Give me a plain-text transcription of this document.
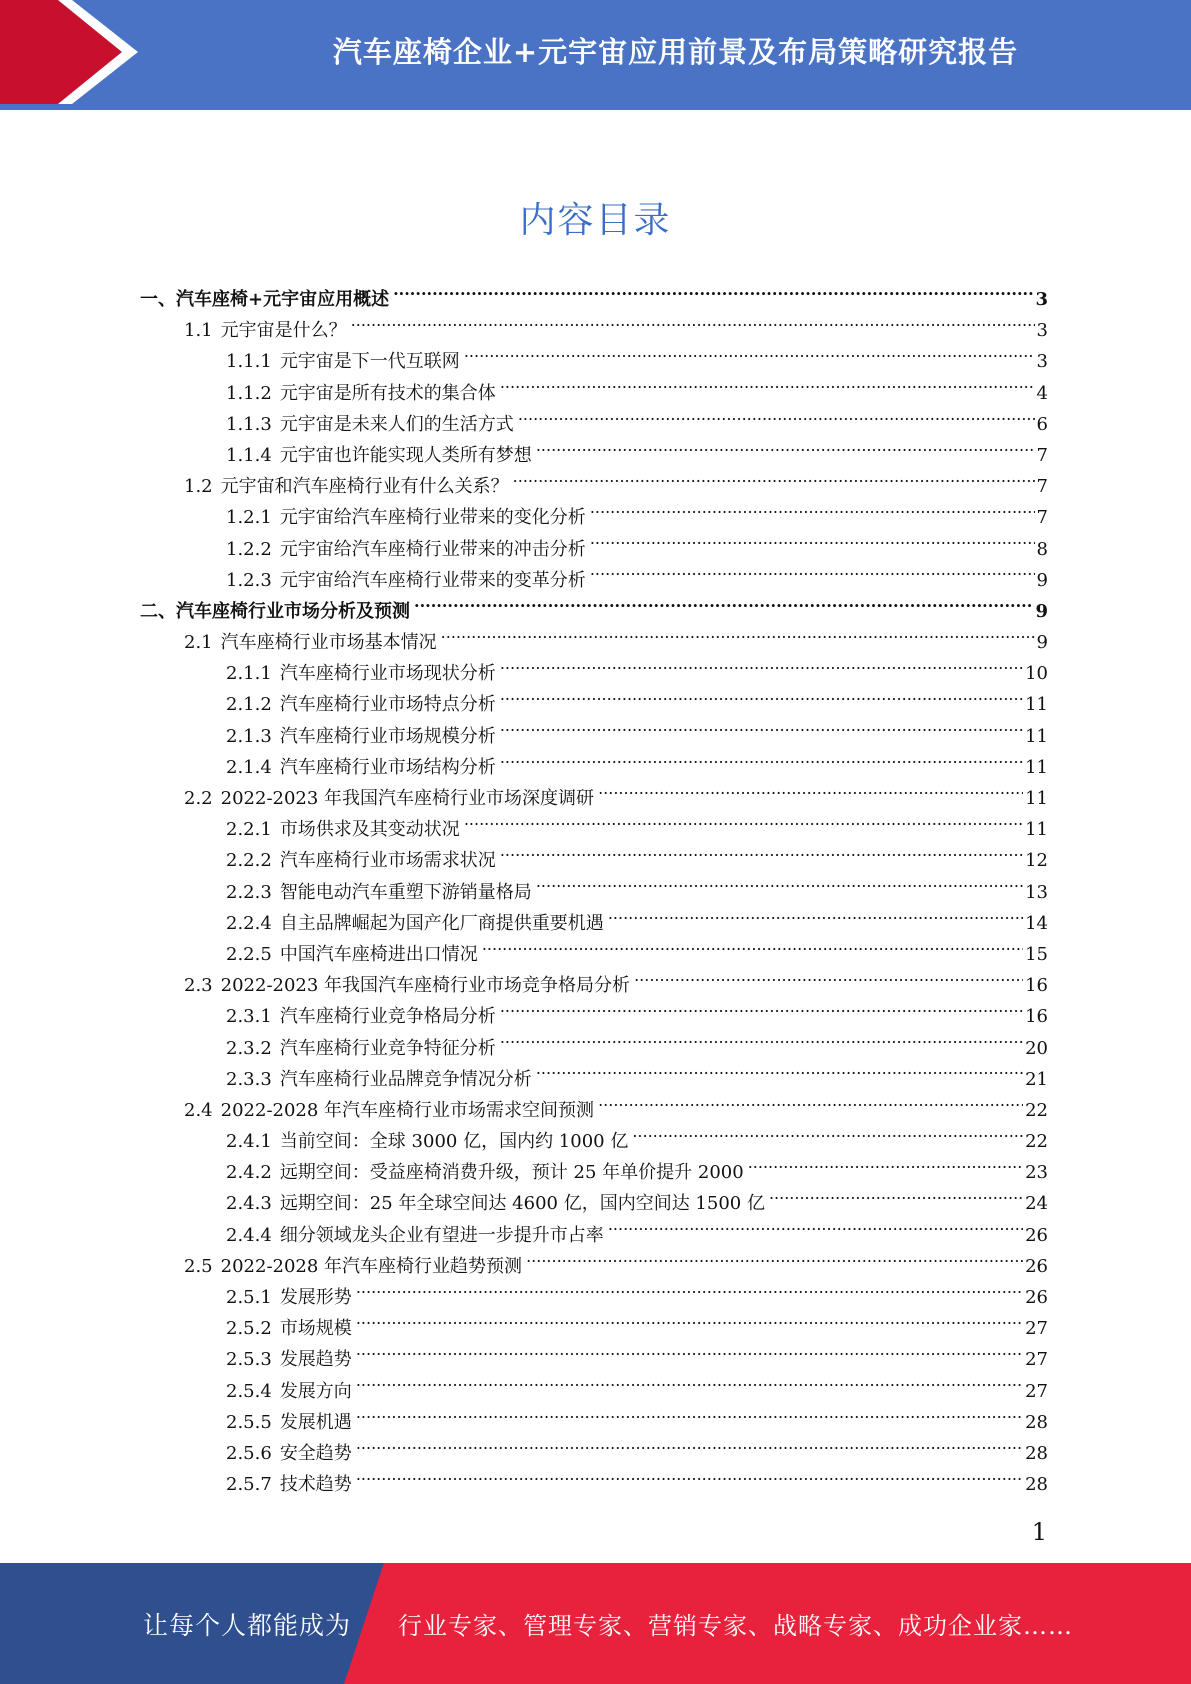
汽车座椅企业+元宇宙应用前景及布局策略研究报告
内容目录
一、 汽车座椅+元宇宙应用概述 .....	3
1.1 元宇宙是什么？ .....	3
1.1.1 元宇宙是下一代互联网 .....	3
1.1.2 元宇宙是所有技术的集合体 .....	4
1.1.3 元宇宙是未来人们的生活方式 .....	6
1.1.4 元宇宙也许能实现人类所有梦想 .....	7
1.2 元宇宙和汽车座椅行业有什么关系？ .....	7
1.2.1 元宇宙给汽车座椅行业带来的变化分析 .....	7
1.2.2 元宇宙给汽车座椅行业带来的冲击分析 .....	8
1.2.3 元宇宙给汽车座椅行业带来的变革分析 .....	9
二、 汽车座椅行业市场分析及预测 .....	9
2.1 汽车座椅行业市场基本情况 .....	9
2.1.1 汽车座椅行业市场现状分析 .....	10
2.1.2 汽车座椅行业市场特点分析 .....	11
2.1.3 汽车座椅行业市场规模分析 .....	11
2.1.4 汽车座椅行业市场结构分析 .....	11
2.2 2022-2023 年我国汽车座椅行业市场深度调研 .....	11
2.2.1 市场供求及其变动状况 .....	11
2.2.2 汽车座椅行业市场需求状况 .....	12
2.2.3 智能电动汽车重塑下游销量格局 .....	13
2.2.4 自主品牌崛起为国产化厂商提供重要机遇 .....	14
2.2.5 中国汽车座椅进出口情况 .....	15
2.3 2022-2023 年我国汽车座椅行业市场竞争格局分析 .....	16
2.3.1 汽车座椅行业竞争格局分析 .....	16
2.3.2 汽车座椅行业竞争特征分析 .....	20
2.3.3 汽车座椅行业品牌竞争情况分析 .....	21
2.4 2022-2028 年汽车座椅行业市场需求空间预测 .....	22
2.4.1 当前空间：全球 3000 亿，国内约 1000 亿 .....	22
2.4.2 远期空间：受益座椅消费升级，预计 25 年单价提升 2000 .....	23
2.4.3 远期空间：25 年全球空间达 4600 亿，国内空间达 1500 亿 .....	24
2.4.4 细分领域龙头企业有望进一步提升市占率 .....	26
2.5 2022-2028 年汽车座椅行业趋势预测 .....	26
2.5.1 发展形势 .....	26
2.5.2 市场规模 .....	27
2.5.3 发展趋势 .....	27
2.5.4 发展方向 .....	27
2.5.5 发展机遇 .....	28
2.5.6 安全趋势 .....	28
2.5.7 技术趋势 .....	28
1
让每个人都能成为 行业专家、管理专家、营销专家、战略专家、成功企业家……
